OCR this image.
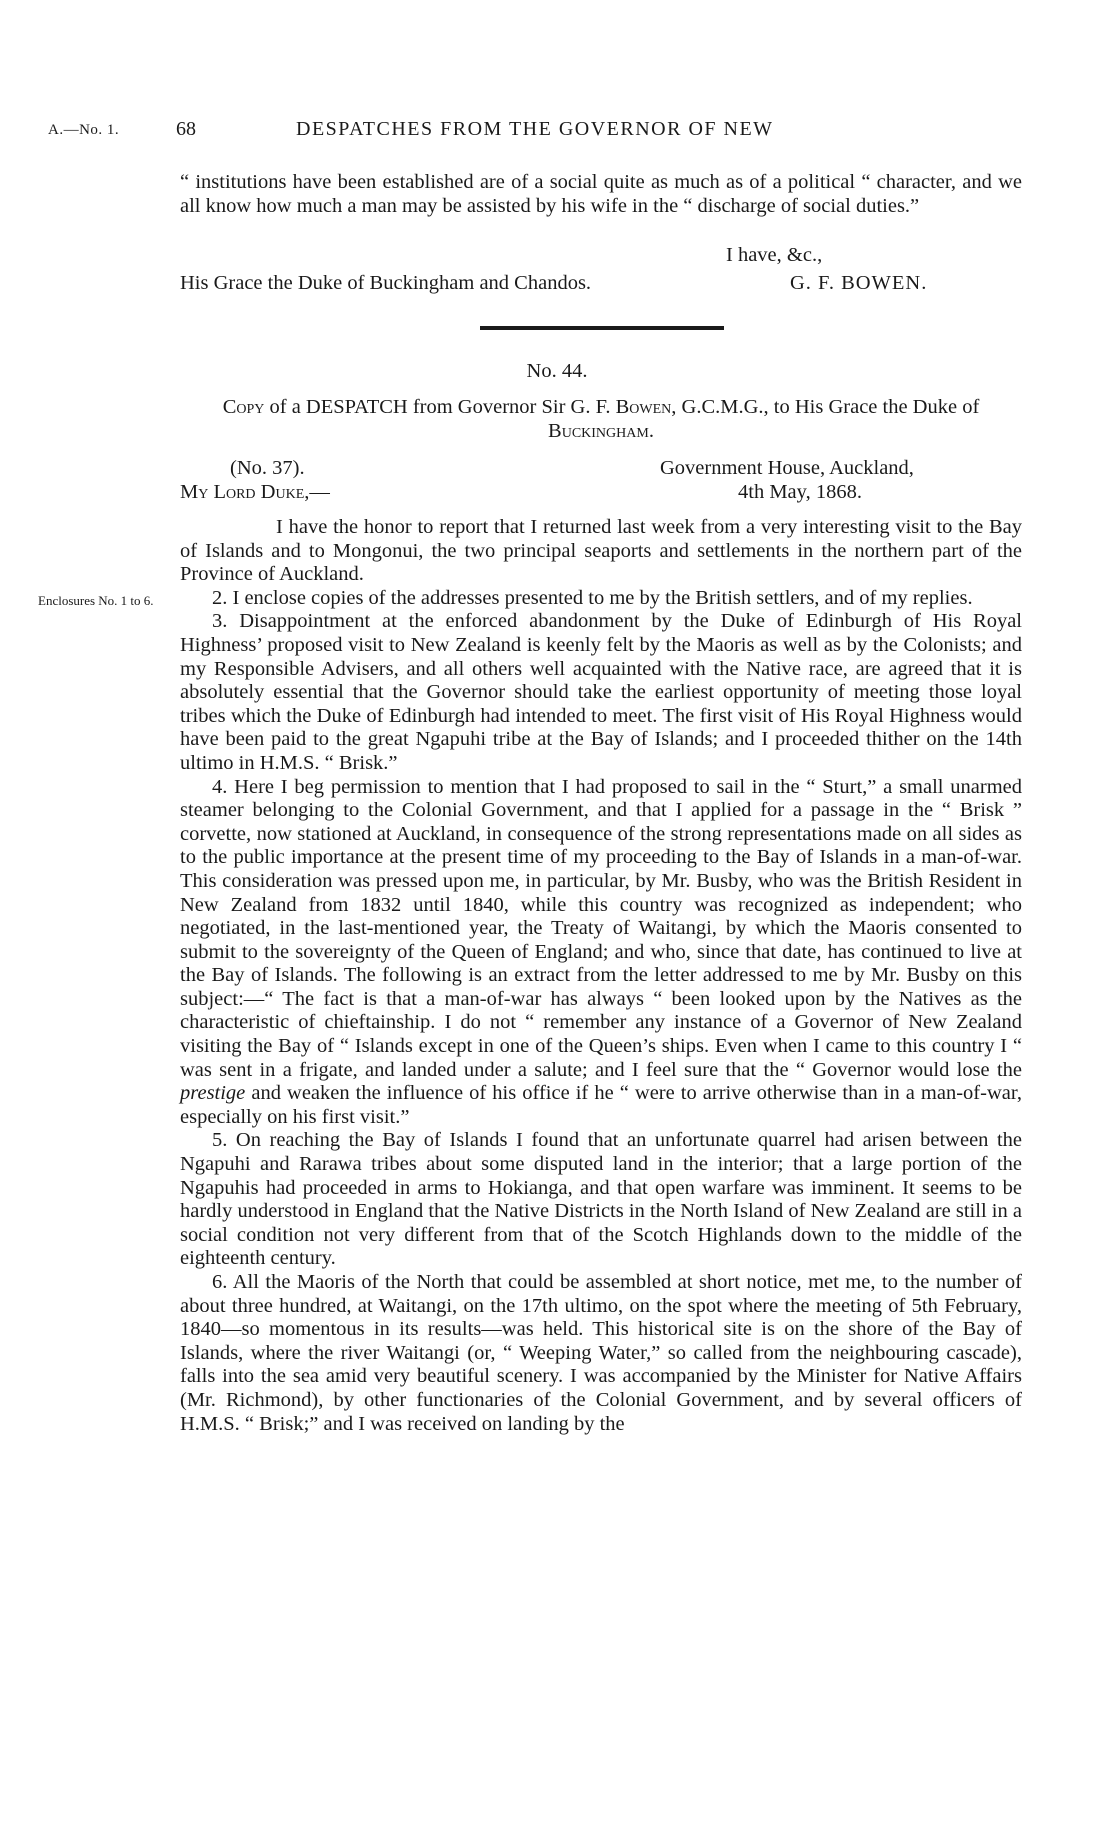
A.—No. 1.	68	DESPATCHES FROM THE GOVERNOR OF NEW

“ institutions have been established are of a social quite as much as of a political “ character, and we all know how much a man may be assisted by his wife in the “ discharge of social duties.”

I have, &c.,
His Grace the Duke of Buckingham and Chandos.	G. F. BOWEN.
No. 44.
Copy of a DESPATCH from Governor Sir G. F. Bowen, G.C.M.G., to His Grace the Duke of Buckingham.
(No. 37).	Government House, Auckland,
My Lord Duke,—	4th May, 1868.
Enclosures No. 1 to 6.

I have the honor to report that I returned last week from a very interesting visit to the Bay of Islands and to Mongonui, the two principal seaports and settlements in the northern part of the Province of Auckland.

2. I enclose copies of the addresses presented to me by the British settlers, and of my replies.

3. Disappointment at the enforced abandonment by the Duke of Edinburgh of His Royal Highness’ proposed visit to New Zealand is keenly felt by the Maoris as well as by the Colonists; and my Responsible Advisers, and all others well acquainted with the Native race, are agreed that it is absolutely essential that the Governor should take the earliest opportunity of meeting those loyal tribes which the Duke of Edinburgh had intended to meet. The first visit of His Royal Highness would have been paid to the great Ngapuhi tribe at the Bay of Islands; and I proceeded thither on the 14th ultimo in H.M.S. “ Brisk.”

4. Here I beg permission to mention that I had proposed to sail in the “ Sturt,” a small unarmed steamer belonging to the Colonial Government, and that I applied for a passage in the “ Brisk ” corvette, now stationed at Auckland, in consequence of the strong representations made on all sides as to the public importance at the present time of my proceeding to the Bay of Islands in a man-of-war. This consideration was pressed upon me, in particular, by Mr. Busby, who was the British Resident in New Zealand from 1832 until 1840, while this country was recognized as independent; who negotiated, in the last-mentioned year, the Treaty of Waitangi, by which the Maoris consented to submit to the sovereignty of the Queen of England; and who, since that date, has continued to live at the Bay of Islands. The following is an extract from the letter addressed to me by Mr. Busby on this subject:—“ The fact is that a man-of-war has always “ been looked upon by the Natives as the characteristic of chieftainship. I do not “ remember any instance of a Governor of New Zealand visiting the Bay of “ Islands except in one of the Queen’s ships. Even when I came to this country I “ was sent in a frigate, and landed under a salute; and I feel sure that the “ Governor would lose the prestige and weaken the influence of his office if he “ were to arrive otherwise than in a man-of-war, especially on his first visit.”

5. On reaching the Bay of Islands I found that an unfortunate quarrel had arisen between the Ngapuhi and Rarawa tribes about some disputed land in the interior; that a large portion of the Ngapuhis had proceeded in arms to Hokianga, and that open warfare was imminent. It seems to be hardly understood in England that the Native Districts in the North Island of New Zealand are still in a social condition not very different from that of the Scotch Highlands down to the middle of the eighteenth century.

6. All the Maoris of the North that could be assembled at short notice, met me, to the number of about three hundred, at Waitangi, on the 17th ultimo, on the spot where the meeting of 5th February, 1840—so momentous in its results—was held. This historical site is on the shore of the Bay of Islands, where the river Waitangi (or, “ Weeping Water,” so called from the neighbouring cascade), falls into the sea amid very beautiful scenery. I was accompanied by the Minister for Native Affairs (Mr. Richmond), by other functionaries of the Colonial Government, and by several officers of H.M.S. “ Brisk;” and I was received on landing by the
